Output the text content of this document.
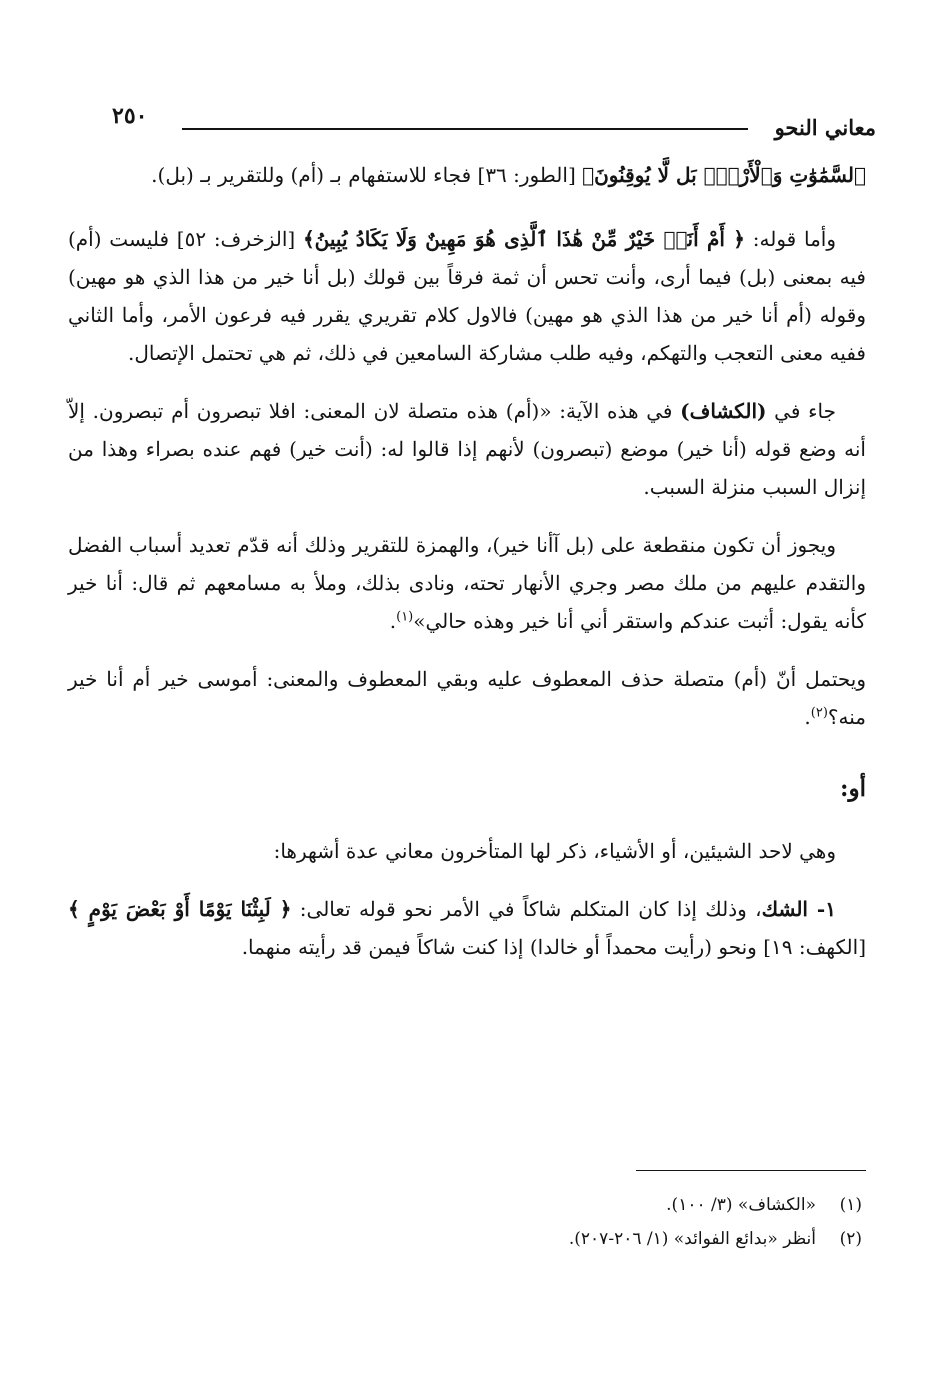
معاني النحو
٢٥٠

ٱلسَّمَٰوَٰتِ وَٱلْأَرْضَۚ بَل لَّا يُوقِنُونَ﴾ [الطور: ٣٦] فجاء للاستفهام بـ (أم) وللتقرير بـ (بل).

وأما قوله: ﴿ أَمْ أَنَا۠ خَيْرٌ مِّنْ هَٰذَا ٱلَّذِى هُوَ مَهِينٌ وَلَا يَكَادُ يُبِينُ﴾ [الزخرف: ٥٢] فليست (أم) فيه بمعنى (بل) فيما أرى، وأنت تحس أن ثمة فرقاً بين قولك (بل أنا خير من هذا الذي هو مهين) وقوله (أم أنا خير من هذا الذي هو مهين) فالاول كلام تقريري يقرر فيه فرعون الأمر، وأما الثاني ففيه معنى التعجب والتهكم، وفيه طلب مشاركة السامعين في ذلك، ثم هي تحتمل الإتصال.

جاء في (الكشاف) في هذه الآية: «(أم) هذه متصلة لان المعنى: افلا تبصرون أم تبصرون. إلاّ أنه وضع قوله (أنا خير) موضع (تبصرون) لأنهم إذا قالوا له: (أنت خير) فهم عنده بصراء وهذا من إنزال السبب منزلة السبب.

ويجوز أن تكون منقطعة على (بل آأنا خير)، والهمزة للتقرير وذلك أنه قدّم تعديد أسباب الفضل والتقدم عليهم من ملك مصر وجري الأنهار تحته، ونادى بذلك، وملأ به مسامعهم ثم قال: أنا خير كأنه يقول: أثبت عندكم واستقر أني أنا خير وهذه حالي»$^{(١)}$.

ويحتمل أنّ (أم) متصلة حذف المعطوف عليه وبقي المعطوف والمعنى: أموسى خير أم أنا خير منه؟$^{(٢)}$.

أو:

وهي لاحد الشيئين، أو الأشياء، ذكر لها المتأخرون معاني عدة أشهرها:

١- الشك، وذلك إذا كان المتكلم شاكاً في الأمر نحو قوله تعالى: ﴿ لَبِثْنَا يَوْمًا أَوْ بَعْضَ يَوْمٍ ﴾ [الكهف: ١٩] ونحو (رأيت محمداً أو خالدا) إذا كنت شاكاً فيمن قد رأيته منهما.

(١)«الكشاف» (٣/ ١٠٠).
(٢)أنظر «بدائع الفوائد» (١/ ٢٠٦-٢٠٧).
